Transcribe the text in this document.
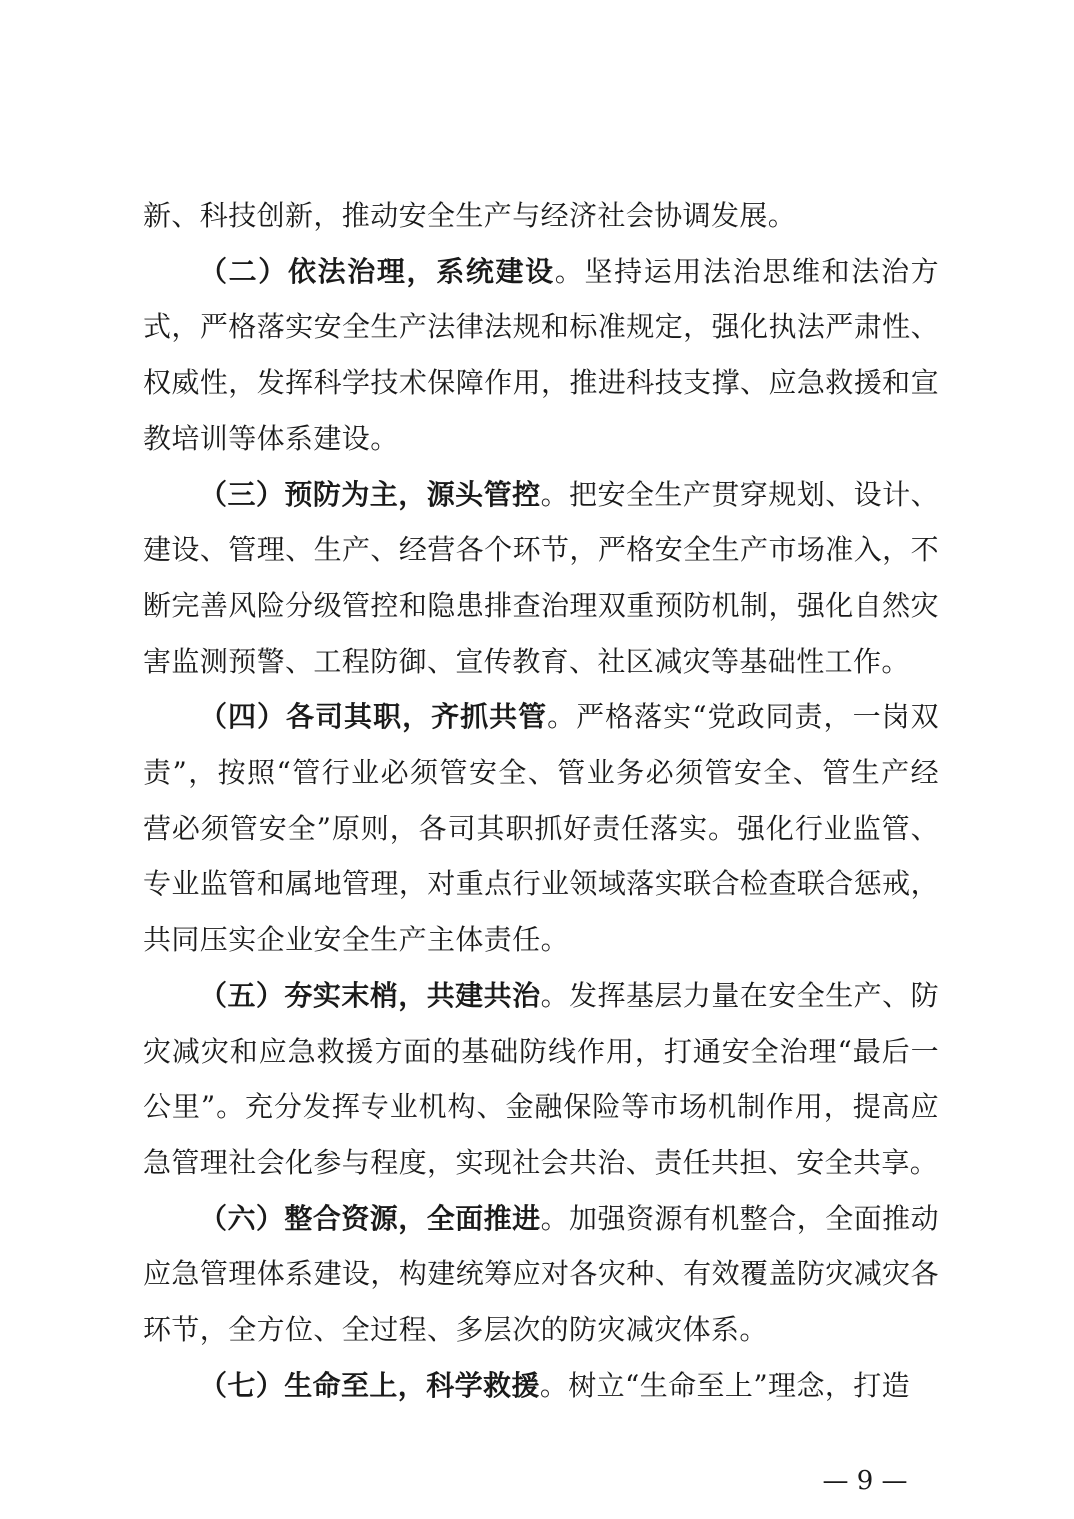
新、科技创新，推动安全生产与经济社会协调发展。

（二）依法治理，系统建设。坚持运用法治思维和法治方式，严格落实安全生产法律法规和标准规定，强化执法严肃性、权威性，发挥科学技术保障作用，推进科技支撑、应急救援和宣教培训等体系建设。

（三）预防为主，源头管控。把安全生产贯穿规划、设计、建设、管理、生产、经营各个环节，严格安全生产市场准入，不断完善风险分级管控和隐患排查治理双重预防机制，强化自然灾害监测预警、工程防御、宣传教育、社区减灾等基础性工作。

（四）各司其职，齐抓共管。严格落实“党政同责，一岗双责”，按照“管行业必须管安全、管业务必须管安全、管生产经营必须管安全”原则，各司其职抓好责任落实。强化行业监管、专业监管和属地管理，对重点行业领域落实联合检查联合惩戒，共同压实企业安全生产主体责任。

（五）夯实末梢，共建共治。发挥基层力量在安全生产、防灾减灾和应急救援方面的基础防线作用，打通安全治理“最后一公里”。充分发挥专业机构、金融保险等市场机制作用，提高应急管理社会化参与程度，实现社会共治、责任共担、安全共享。

（六）整合资源，全面推进。加强资源有机整合，全面推动应急管理体系建设，构建统筹应对各灾种、有效覆盖防灾减灾各环节，全方位、全过程、多层次的防灾减灾体系。

（七）生命至上，科学救援。树立“生命至上”理念，打造

— 9 —
